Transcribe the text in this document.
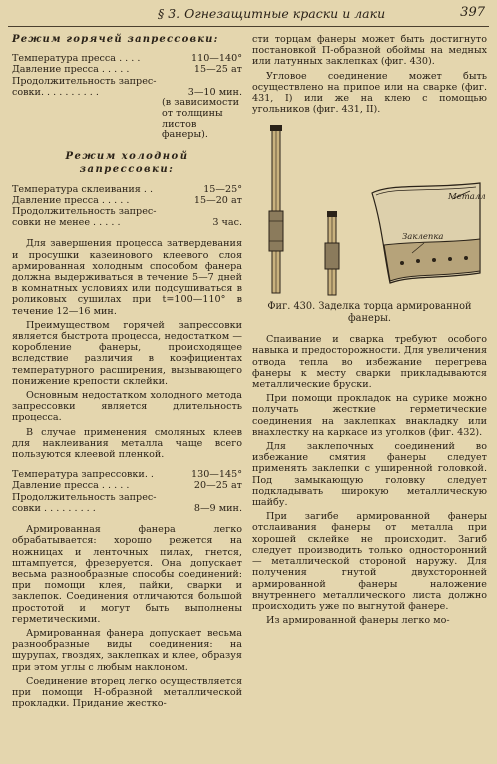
§ 3. Огнезащитные краски и лаки	397
Режим горячей запрессовки:
Температура пресса . . . .	110—140°
Давление пресса . . . . .	15—25 ат
Продолжительность запрес-
совки. . . . . . . . . .	3—10 мин.
(в зависимости от толщины листов фанеры).
Режим холодной
запрессовки:
Температура склеивания . .	15—25°
Давление пресса . . . . .	15—20 ат
Продолжительность запрес-
совки не менее . . . . .	3 час.

Для завершения процесса затвердевания и просушки казеинового клеевого слоя армированная холодным способом фанера должна выдерживаться в течение 5—7 дней в комнатных условиях или подсушиваться в роликовых сушилах при t=100—110° в течение 12—16 мин.

Преимуществом горячей запрессовки является быстрота процесса, недостатком — коробление фанеры, происходящее вследствие различия в коэфициентах температурного расширения, вызывающего понижение крепости склейки.

Основным недостатком холодного метода запрессовки является длительность процесса.

В случае применения смоляных клеев для наклеивания металла чаще всего пользуются клеевой пленкой.

Температура запрессовки. .	130—145°
Давление пресса . . . . .	20—25 ат
Продолжительность запрес-
совки . . . . . . . . .	8—9 мин.

Армированная фанера легко обрабатывается: хорошо режется на ножницах и ленточных пилах, гнется, штампуется, фрезеруется. Она допускает весьма разнообразные способы соединений: при помощи клея, пайки, сварки и заклепок. Соединения отличаются большой простотой и могут быть выполнены герметическими.

Армированная фанера допускает весьма разнообразные виды соединения: на шурупах, гвоздях, заклепках и клее, образуя при этом углы с любым наклоном.

Соединение вторец легко осуществляется при помощи Н-образной металлической прокладки. Придание жестко-

сти торцам фанеры может быть достигнуто постановкой П-образной обоймы на медных или латунных заклепках (фиг. 430).

Угловое соединение может быть осуществлено на припое или на сварке (фиг. 431, I) или же на клею с помощью угольников (фиг. 431, II).

Металл
Заклепка
Фиг. 430. Заделка торца армированной фанеры.

Спаивание и сварка требуют особого навыка и предосторожности. Для увеличения отвода тепла во избежание перегрева фанеры к месту сварки прикладываются металлические бруски.

При помощи прокладок на сурике можно получать жесткие герметические соединения на заклепках внакладку или внахлестку на каркасе из уголков (фиг. 432).

Для заклепочных соединений во избежание смятия фанеры следует применять заклепки с уширенной головкой. Под замыкающую головку следует подкладывать широкую металлическую шайбу.

При загибе армированной фанеры отслаивания фанеры от металла при хорошей склейке не происходит. Загиб следует производить только односторонний — металлической стороной наружу. Для получения гнутой двухсторонней армированной фанеры наложение внутреннего металлического листа должно происходить уже по выгнутой фанере.

Из армированной фанеры легко мо-
